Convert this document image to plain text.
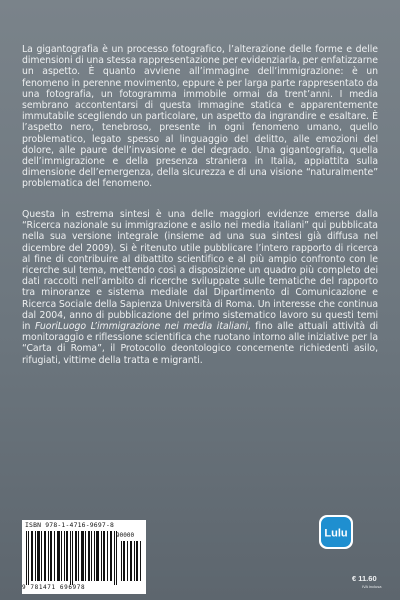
La gigantografia è un processo fotografico, l’alterazione delle forme e delle dimensioni di una stessa rappresentazione per evidenziarla, per enfatizzarne un aspetto. È quanto avviene all’immagine dell’immigrazione: è un fenomeno in perenne movimento, eppure è per larga parte rappresentato da una fotografia, un fotogramma immobile ormai da trent’anni. I media sembrano accontentarsi di questa immagine statica e apparentemente immutabile scegliendo un particolare, un aspetto da ingrandire e esaltare. È l’aspetto nero, tenebroso, presente in ogni fenomeno umano, quello problematico, legato spesso al linguaggio del delitto, alle emozioni del dolore, alle paure dell’invasione e del degrado. Una gigantografia, quella dell’immigrazione e della presenza straniera in Italia, appiattita sulla dimensione dell’emergenza, della sicurezza e di una visione “naturalmente” problematica del fenomeno.
Questa in estrema sintesi è una delle maggiori evidenze emerse dalla “Ricerca nazionale su immigrazione e asilo nei media italiani” qui pubblicata nella sua versione integrale (insieme ad una sua sintesi già diffusa nel dicembre del 2009). Si è ritenuto utile pubblicare l’intero rapporto di ricerca al fine di contribuire al dibattito scientifico e al più ampio confronto con le ricerche sul tema, mettendo così a disposizione un quadro più completo dei dati raccolti nell’ambito di ricerche sviluppate sulle tematiche del rapporto tra minoranze e sistema mediale dal Dipartimento di Comunicazione e Ricerca Sociale della Sapienza Università di Roma. Un interesse che continua dal 2004, anno di pubblicazione del primo sistematico lavoro su questi temi in FuoriLuogo L’immigrazione nei media italiani, fino alle attuali attività di monitoraggio e riflessione scientifica che ruotano intorno alle iniziative per la “Carta di Roma”, il Protocollo deontologico concernente richiedenti asilo, rifugiati, vittime della tratta e migranti.
ISBN 978-1-4716-9697-8
90000
9 781471 696978
Lulu
€ 11.60
IVA inclusa
